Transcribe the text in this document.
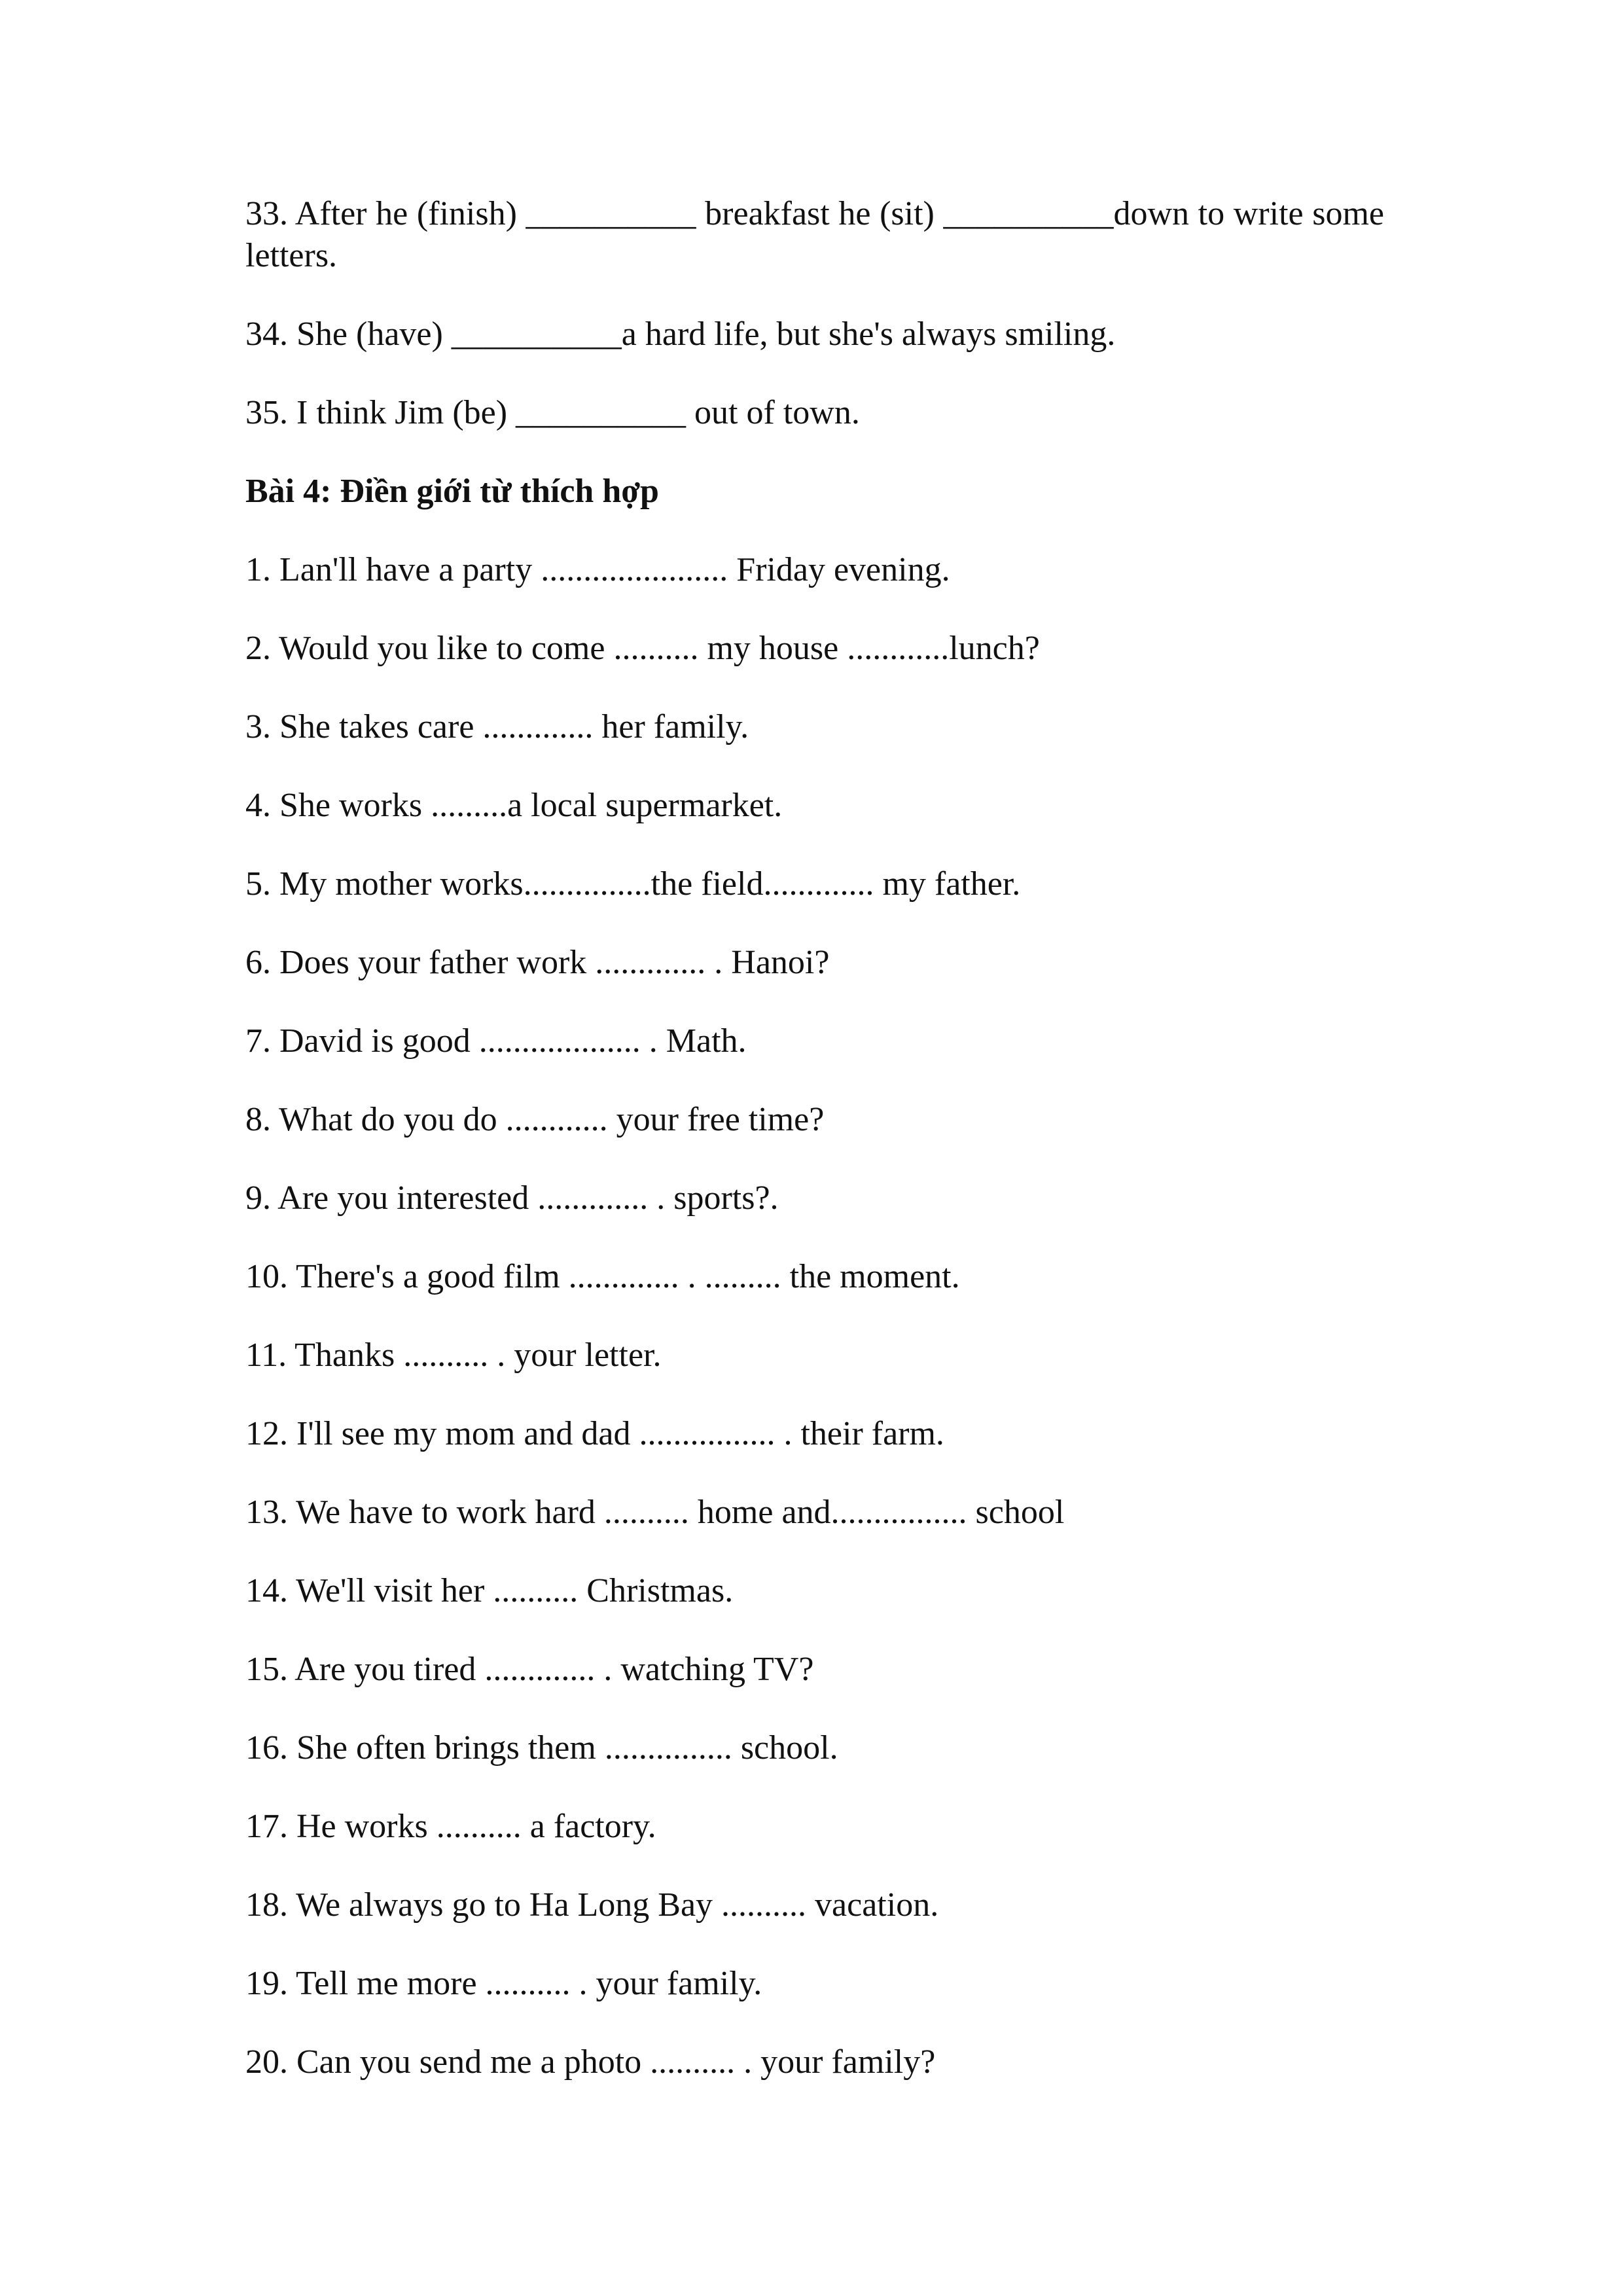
33. After he (finish) __________ breakfast he (sit) __________down to write some letters.

34. She (have) __________a hard life, but she's always smiling.

35. I think Jim (be) __________ out of town.

Bài 4: Điền giới từ thích hợp

1. Lan'll have a party ...................... Friday evening.

2. Would you like to come .......... my house ............lunch?

3. She takes care ............. her family.

4. She works .........a local supermarket.

5. My mother works...............the field............. my father.

6. Does your father work ............. . Hanoi?

7. David is good ................... . Math.

8. What do you do ............ your free time?

9. Are you interested ............. . sports?.

10. There's a good film ............. . ......... the moment.

11. Thanks .......... . your letter.

12. I'll see my mom and dad ................ . their farm.

13. We have to work hard .......... home and................ school

14. We'll visit her .......... Christmas.

15. Are you tired ............. . watching TV?

16. She often brings them ............... school.

17. He works .......... a factory.

18. We always go to Ha Long Bay .......... vacation.

19. Tell me more .......... . your family.

20. Can you send me a photo .......... . your family?
